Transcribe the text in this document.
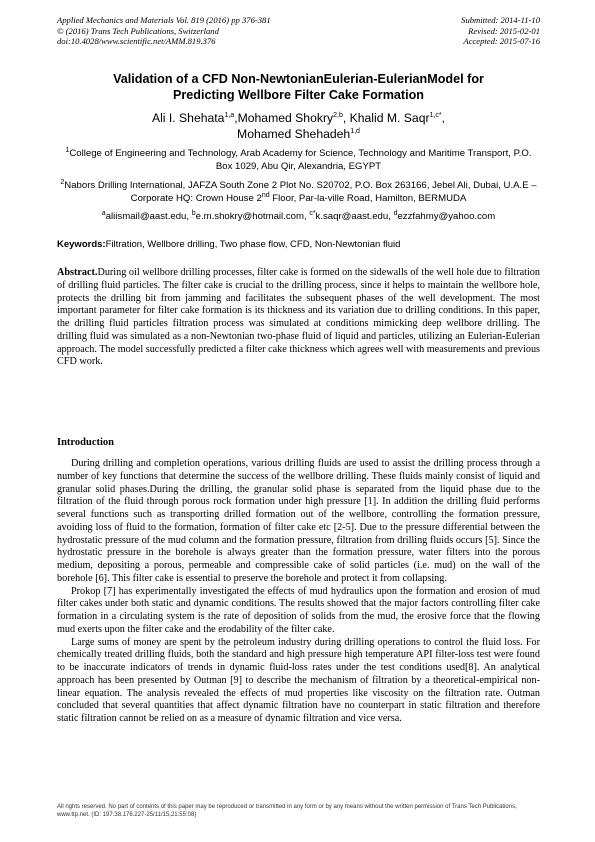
Applied Mechanics and Materials Vol. 819 (2016) pp 376-381
© (2016) Trans Tech Publications, Switzerland
doi:10.4028/www.scientific.net/AMM.819.376
Submitted: 2014-11-10
Revised: 2015-02-01
Accepted: 2015-07-16
Validation of a CFD Non-NewtonianEulerian-EulerianModel for
Predicting Wellbore Filter Cake Formation
Ali I. Shehata$^{1,a}$,Mohamed Shokry$^{2,b}$, Khalid M. Saqr$^{1,c*}$,
Mohamed Shehadeh$^{1,d}$
$^1$College of Engineering and Technology, Arab Academy for Science, Technology and Maritime Transport, P.O. Box 1029, Abu Qir, Alexandria, EGYPT
$^2$Nabors Drilling International, JAFZA South Zone 2 Plot No. S20702, P.O. Box 263166, Jebel Ali, Dubai, U.A.E – Corporate HQ: Crown House 2nd Floor, Par-la-ville Road, Hamilton, BERMUDA
$^a$aliismail@aast.edu, $^b$e.m.shokry@hotmail.com, $^{c*}$k.saqr@aast.edu, $^d$ezzfahmy@yahoo.com
Keywords:Filtration, Wellbore drilling, Two phase flow, CFD, Non-Newtonian fluid

Abstract.During oil wellbore drilling processes, filter cake is formed on the sidewalls of the well hole due to filtration of drilling fluid particles. The filter cake is crucial to the drilling process, since it helps to maintain the wellbore hole, protects the drilling bit from jamming and facilitates the subsequent phases of the well development. The most important parameter for filter cake formation is its thickness and its variation due to drilling conditions. In this paper, the drilling fluid particles filtration process was simulated at conditions mimicking deep wellbore drilling. The drilling fluid was simulated as a non-Newtonian two-phase fluid of liquid and particles, utilizing an Eulerian-Eulerian approach. The model successfully predicted a filter cake thickness which agrees well with measurements and previous CFD work.

Introduction

During drilling and completion operations, various drilling fluids are used to assist the drilling process through a number of key functions that determine the success of the wellbore drilling. These fluids mainly consist of liquid and granular solid phases.During the drilling, the granular solid phase is separated from the liquid phase due to the filtration of the fluid through porous rock formation under high pressure [1]. In addition the drilling fluid performs several functions such as transporting drilled formation out of the wellbore, controlling the formation pressure, avoiding loss of fluid to the formation, formation of filter cake etc [2-5]. Due to the pressure differential between the hydrostatic pressure of the mud column and the formation pressure, filtration from drilling fluids occurs [5]. Since the hydrostatic pressure in the borehole is always greater than the formation pressure, water filters into the porous medium, depositing a porous, permeable and compressible cake of solid particles (i.e. mud) on the wall of the borehole [6]. This filter cake is essential to preserve the borehole and protect it from collapsing.

Prokop [7] has experimentally investigated the effects of mud hydraulics upon the formation and erosion of mud filter cakes under both static and dynamic conditions. The results showed that the major factors controlling filter cake formation in a circulating system is the rate of deposition of solids from the mud, the erosive force that the flowing mud exerts upon the filter cake and the erodability of the filter cake.

Large sums of money are spent by the petroleum industry during drilling operations to control the fluid loss. For chemically treated drilling fluids, both the standard and high pressure high temperature API filter-loss test were found to be inaccurate indicators of trends in dynamic fluid-loss rates under the test conditions used[8]. An analytical approach has been presented by Outman [9] to describe the mechanism of filtration by a theoretical-empirical non-linear equation. The analysis revealed the effects of mud properties like viscosity on the filtration rate. Outman concluded that several quantities that affect dynamic filtration have no counterpart in static filtration and therefore static filtration cannot be relied on as a measure of dynamic filtration and vice versa.

All rights reserved. No part of contents of this paper may be reproduced or transmitted in any form or by any means without the written permission of Trans Tech Publications, www.ttp.net. (ID: 197.38.176.227-25/11/15,21:55:08)
